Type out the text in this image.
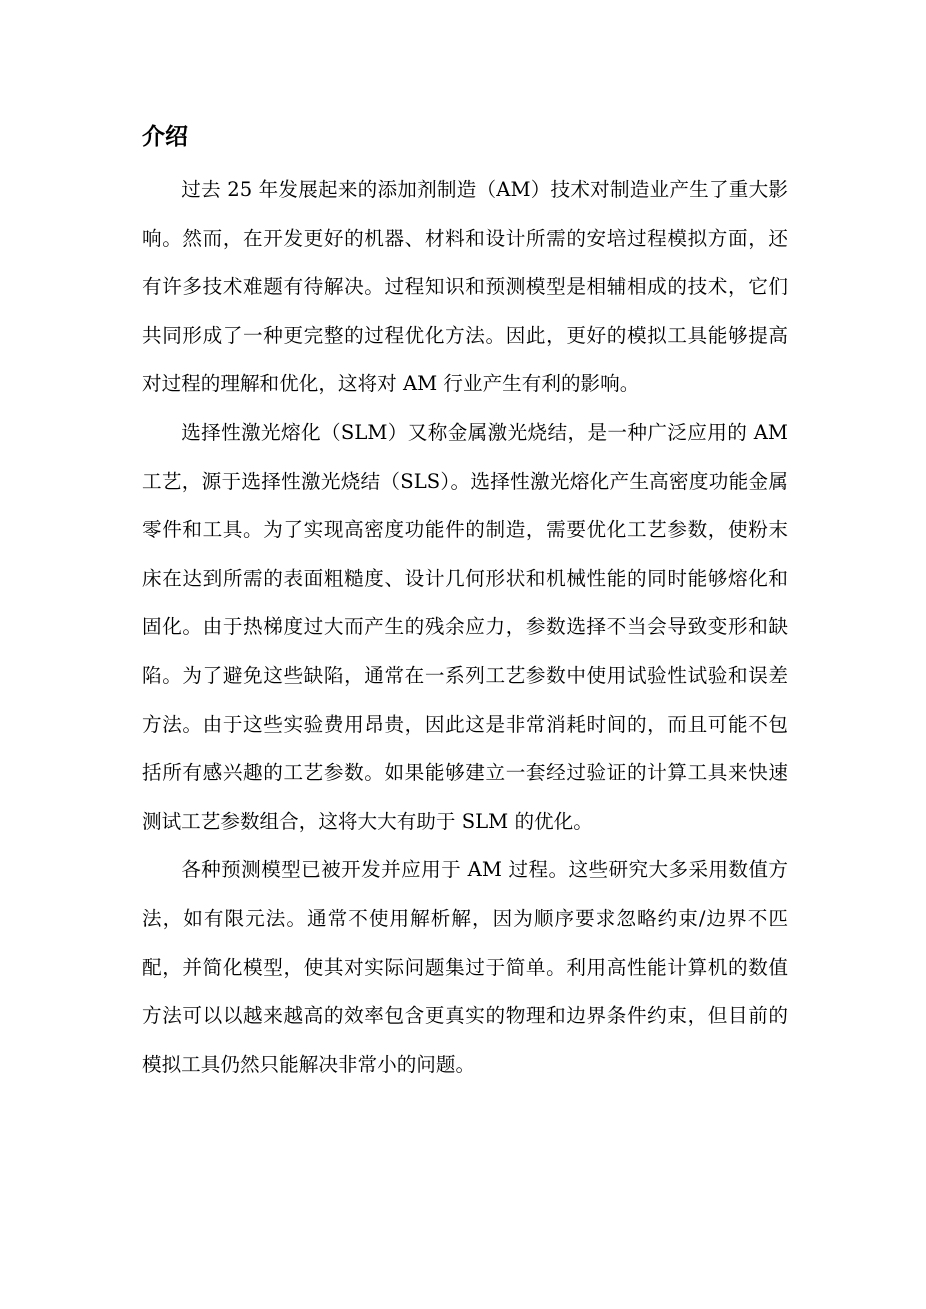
介绍

过去 25 年发展起来的添加剂制造（AM）技术对制造业产生了重大影响。然而，在开发更好的机器、材料和设计所需的安培过程模拟方面，还有许多技术难题有待解决。过程知识和预测模型是相辅相成的技术，它们共同形成了一种更完整的过程优化方法。因此，更好的模拟工具能够提高对过程的理解和优化，这将对 AM 行业产生有利的影响。

选择性激光熔化（SLM）又称金属激光烧结，是一种广泛应用的 AM 工艺，源于选择性激光烧结（SLS）。选择性激光熔化产生高密度功能金属零件和工具。为了实现高密度功能件的制造，需要优化工艺参数，使粉末床在达到所需的表面粗糙度、设计几何形状和机械性能的同时能够熔化和固化。由于热梯度过大而产生的残余应力，参数选择不当会导致变形和缺陷。为了避免这些缺陷，通常在一系列工艺参数中使用试验性试验和误差方法。由于这些实验费用昂贵，因此这是非常消耗时间的，而且可能不包括所有感兴趣的工艺参数。如果能够建立一套经过验证的计算工具来快速测试工艺参数组合，这将大大有助于 SLM 的优化。

各种预测模型已被开发并应用于 AM 过程。这些研究大多采用数值方法，如有限元法。通常不使用解析解，因为顺序要求忽略约束/边界不匹配，并简化模型，使其对实际问题集过于简单。利用高性能计算机的数值方法可以以越来越高的效率包含更真实的物理和边界条件约束，但目前的模拟工具仍然只能解决非常小的问题。
